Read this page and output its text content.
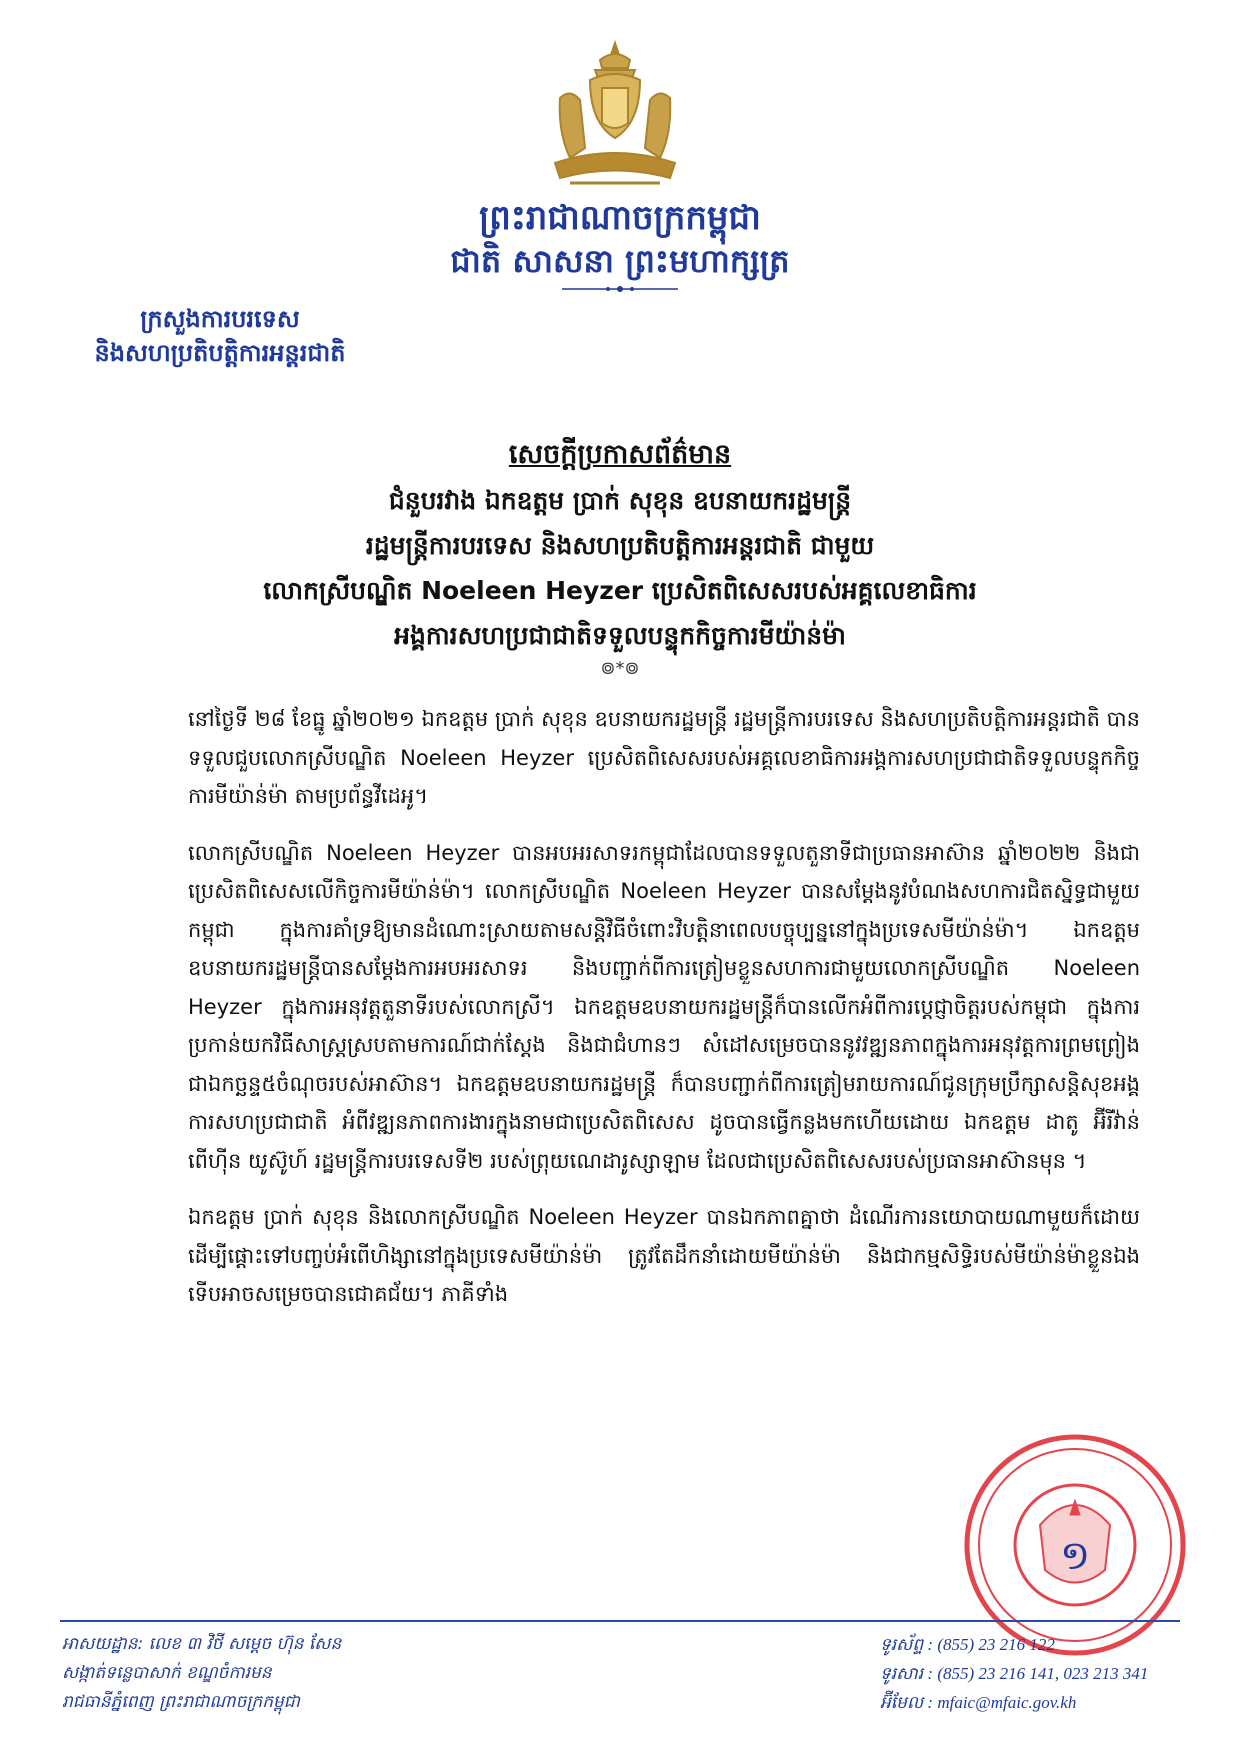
ព្រះរាជាណាចក្រកម្ពុជា
ជាតិ សាសនា ព្រះមហាក្សត្រ
ក្រសួងការបរទេស
និងសហប្រតិបត្តិការអន្តរជាតិ
សេចក្តីប្រកាសព័ត៌មាន
ជំនួបរវាង ឯកឧត្តម ប្រាក់ សុខុន ឧបនាយករដ្ឋមន្ត្រី
រដ្ឋមន្ត្រីការបរទេស និងសហប្រតិបត្តិការអន្តរជាតិ ជាមួយ
លោកស្រីបណ្ឌិត Noeleen Heyzer ប្រេសិតពិសេសរបស់អគ្គលេខាធិការ
អង្គការសហប្រជាជាតិទទួលបន្ទុកកិច្ចការមីយ៉ាន់ម៉ា
៙*៙

នៅថ្ងៃទី ២៨ ខែធ្នូ ឆ្នាំ២០២១ ឯកឧត្តម ប្រាក់ សុខុន ឧបនាយករដ្ឋមន្ត្រី រដ្ឋមន្ត្រីការបរទេស និងសហប្រតិបត្តិការអន្តរជាតិ បានទទួលជួបលោកស្រីបណ្ឌិត Noeleen Heyzer ប្រេសិតពិសេសរបស់អគ្គលេខាធិការអង្គការសហប្រជាជាតិទទួលបន្ទុកកិច្ចការមីយ៉ាន់ម៉ា តាមប្រព័ន្ធវីដេអូ។

លោកស្រីបណ្ឌិត Noeleen Heyzer បានអបអរសាទរកម្ពុជាដែលបានទទួលតួនាទីជាប្រធានអាស៊ាន ឆ្នាំ២០២២ និងជាប្រេសិតពិសេសលើកិច្ចការមីយ៉ាន់ម៉ា។ លោកស្រីបណ្ឌិត Noeleen Heyzer បានសម្តែងនូវបំណងសហការជិតស្និទ្ធជាមួយកម្ពុជា ក្នុងការគាំទ្រឱ្យមានដំណោះស្រាយតាមសន្តិវិធីចំពោះវិបត្តិនាពេលបច្ចុប្បន្ននៅក្នុងប្រទេសមីយ៉ាន់ម៉ា។ ឯកឧត្តមឧបនាយករដ្ឋមន្ត្រីបានសម្តែងការអបអរសាទរ និងបញ្ជាក់ពីការត្រៀមខ្លួនសហការជាមួយលោកស្រីបណ្ឌិត Noeleen Heyzer ក្នុងការអនុវត្តតួនាទីរបស់លោកស្រី។ ឯកឧត្តមឧបនាយករដ្ឋមន្ត្រីក៏បានលើកអំពីការប្តេជ្ញាចិត្តរបស់កម្ពុជា ក្នុងការប្រកាន់យកវិធីសាស្ត្រស្របតាមការណ៍ជាក់ស្តែង និងជាជំហានៗ សំដៅសម្រេចបាននូវវឌ្ឍនភាពក្នុងការអនុវត្តការព្រមព្រៀងជាឯកច្ឆន្ទ៥ចំណុចរបស់អាស៊ាន។ ឯកឧត្តមឧបនាយករដ្ឋមន្ត្រី ក៏បានបញ្ជាក់ពីការត្រៀមរាយការណ៍ជូនក្រុមប្រឹក្សាសន្តិសុខអង្គការសហប្រជាជាតិ អំពីវឌ្ឍនភាពការងារក្នុងនាមជាប្រេសិតពិសេស ដូចបានធ្វើកន្លងមកហើយដោយ ឯកឧត្តម ដាតូ អ៊ីរីវ៉ាន់ ពើហ៊ីន យូស៊ូហ៍ រដ្ឋមន្ត្រីការបរទេសទី២ របស់ព្រុយណេដារូស្សាឡាម ដែលជាប្រេសិតពិសេសរបស់ប្រធានអាស៊ានមុន ។

ឯកឧត្តម ប្រាក់ សុខុន និងលោកស្រីបណ្ឌិត Noeleen Heyzer បានឯកភាពគ្នាថា ដំណើរការនយោបាយណាមួយក៏ដោយដើម្បីផ្តោះទៅបញ្ចប់អំពើហិង្សានៅក្នុងប្រទេសមីយ៉ាន់ម៉ា ត្រូវតែដឹកនាំដោយមីយ៉ាន់ម៉ា និងជាកម្មសិទ្ធិរបស់មីយ៉ាន់ម៉ាខ្លួនឯង ទើបអាចសម្រេចបានជោគជ័យ។ ភាគីទាំង

១
អាសយដ្ឋាន: លេខ ៣ វិថី សម្តេច ហ៊ុន សែន
សង្កាត់ទន្លេបាសាក់ ខណ្ឌចំការមន
រាជធានីភ្នំពេញ ព្រះរាជាណាចក្រកម្ពុជា
ទូរស័ព្ទ : (855) 23 216 122
ទូរសារ : (855) 23 216 141, 023 213 341
អ៊ីមែល : mfaic@mfaic.gov.kh
